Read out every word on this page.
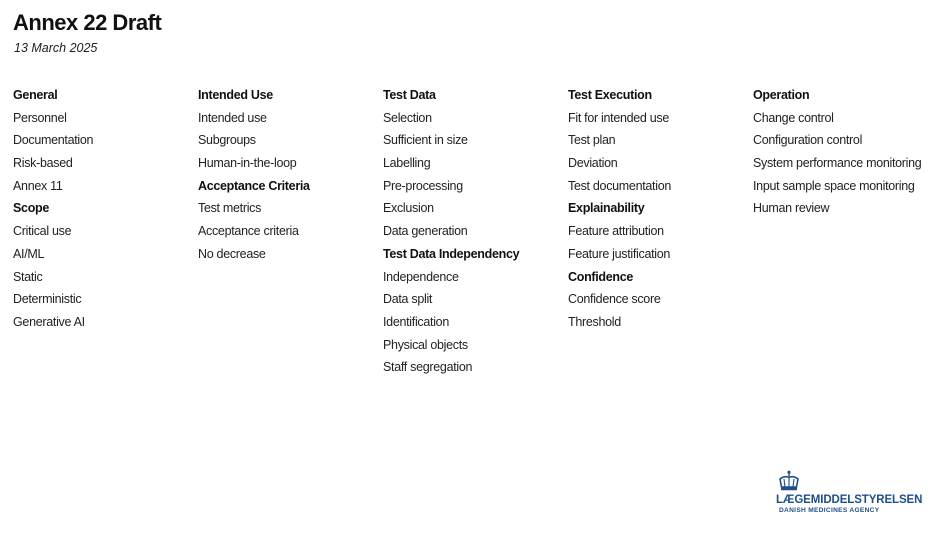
Annex 22 Draft
13 March 2025
General
Personnel
Documentation
Risk-based
Annex 11
Scope
Critical use
AI/ML
Static
Deterministic
Generative AI
Intended Use
Intended use
Subgroups
Human-in-the-loop
Acceptance Criteria
Test metrics
Acceptance criteria
No decrease
Test Data
Selection
Sufficient in size
Labelling
Pre-processing
Exclusion
Data generation
Test Data Independency
Independence
Data split
Identification
Physical objects
Staff segregation
Test Execution
Fit for intended use
Test plan
Deviation
Test documentation
Explainability
Feature attribution
Feature justification
Confidence
Confidence score
Threshold
Operation
Change control
Configuration control
System performance monitoring
Input sample space monitoring
Human review
LÆGEMIDDELSTYRELSEN
DANISH MEDICINES AGENCY
